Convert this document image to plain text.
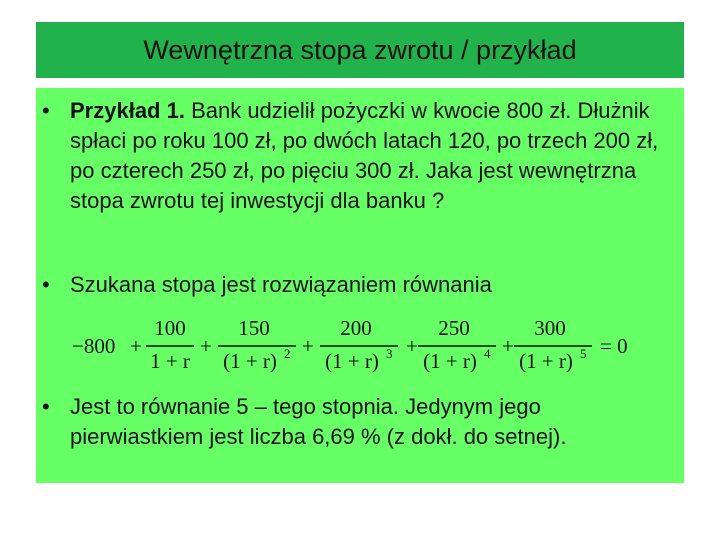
Wewnętrzna stopa zwrotu / przykład
• Przykład 1. Bank udzielił pożyczki w kwocie 800 zł. Dłużnik spłaci po roku 100 zł, po dwóch latach 120, po trzech 200 zł, po czterech 250 zł, po pięciu 300 zł. Jaka jest wewnętrzna stopa zwrotu tej inwestycji dla banku ?
• Szukana stopa jest rozwiązaniem równania
−800 +
100
1 + r
+
150
(1 + r) 2 +
200
(1 + r) 3 +
250
(1 + r) 4 +
300
(1 + r) 5 = 0
• Jest to równanie 5 – tego stopnia. Jedynym jego pierwiastkiem jest liczba 6,69 % (z dokł. do setnej).
